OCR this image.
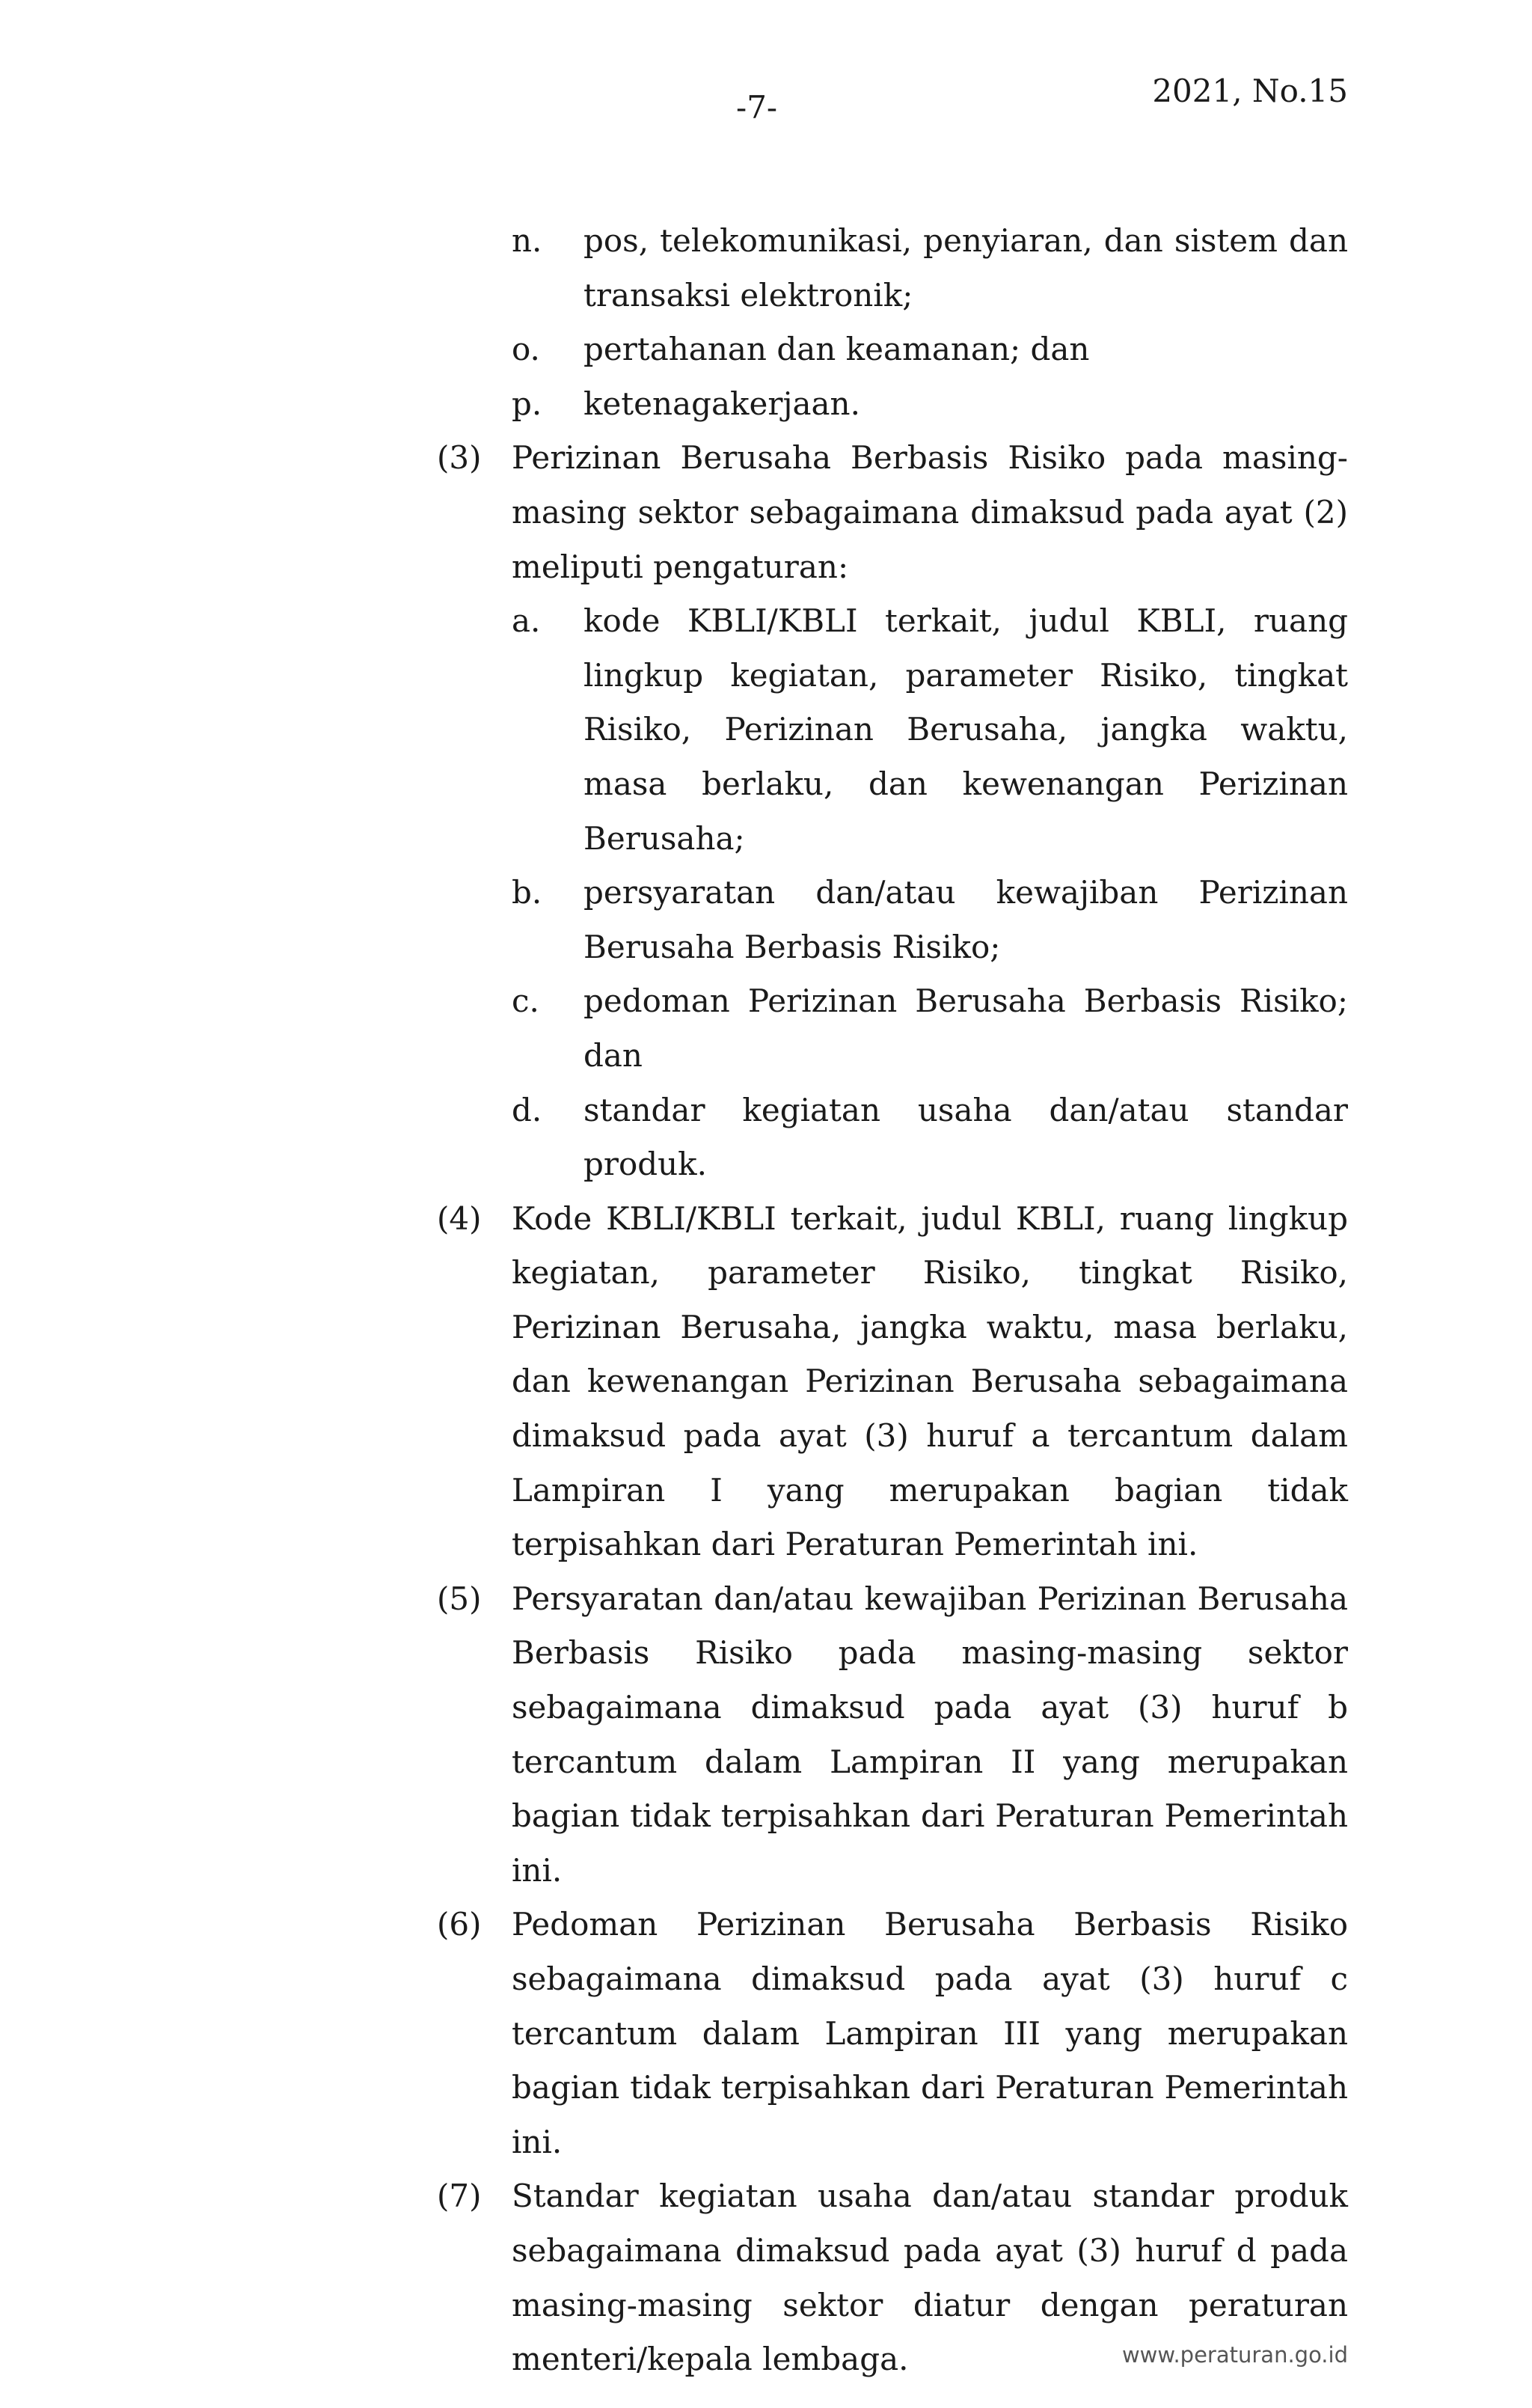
-7-	2021, No.15
n. pos, telekomunikasi, penyiaran, dan sistem dan transaksi elektronik;

o. pertahanan dan keamanan; dan

p. ketenagakerjaan.

(3) Perizinan Berusaha Berbasis Risiko pada masing-masing sektor sebagaimana dimaksud pada ayat (2) meliputi pengaturan:

a. kode KBLI/KBLI terkait, judul KBLI, ruang lingkup kegiatan, parameter Risiko, tingkat Risiko, Perizinan Berusaha, jangka waktu, masa berlaku, dan kewenangan Perizinan Berusaha;

b. persyaratan dan/atau kewajiban Perizinan Berusaha Berbasis Risiko;

c. pedoman Perizinan Berusaha Berbasis Risiko; dan

d. standar kegiatan usaha dan/atau standar produk.

(4) Kode KBLI/KBLI terkait, judul KBLI, ruang lingkup kegiatan, parameter Risiko, tingkat Risiko, Perizinan Berusaha, jangka waktu, masa berlaku, dan kewenangan Perizinan Berusaha sebagaimana dimaksud pada ayat (3) huruf a tercantum dalam Lampiran I yang merupakan bagian tidak terpisahkan dari Peraturan Pemerintah ini.

(5) Persyaratan dan/atau kewajiban Perizinan Berusaha Berbasis Risiko pada masing-masing sektor sebagaimana dimaksud pada ayat (3) huruf b tercantum dalam Lampiran II yang merupakan bagian tidak terpisahkan dari Peraturan Pemerintah ini.

(6) Pedoman Perizinan Berusaha Berbasis Risiko sebagaimana dimaksud pada ayat (3) huruf c tercantum dalam Lampiran III yang merupakan bagian tidak terpisahkan dari Peraturan Pemerintah ini.

(7) Standar kegiatan usaha dan/atau standar produk sebagaimana dimaksud pada ayat (3) huruf d pada masing-masing sektor diatur dengan peraturan menteri/kepala lembaga.	www.peraturan.go.id
